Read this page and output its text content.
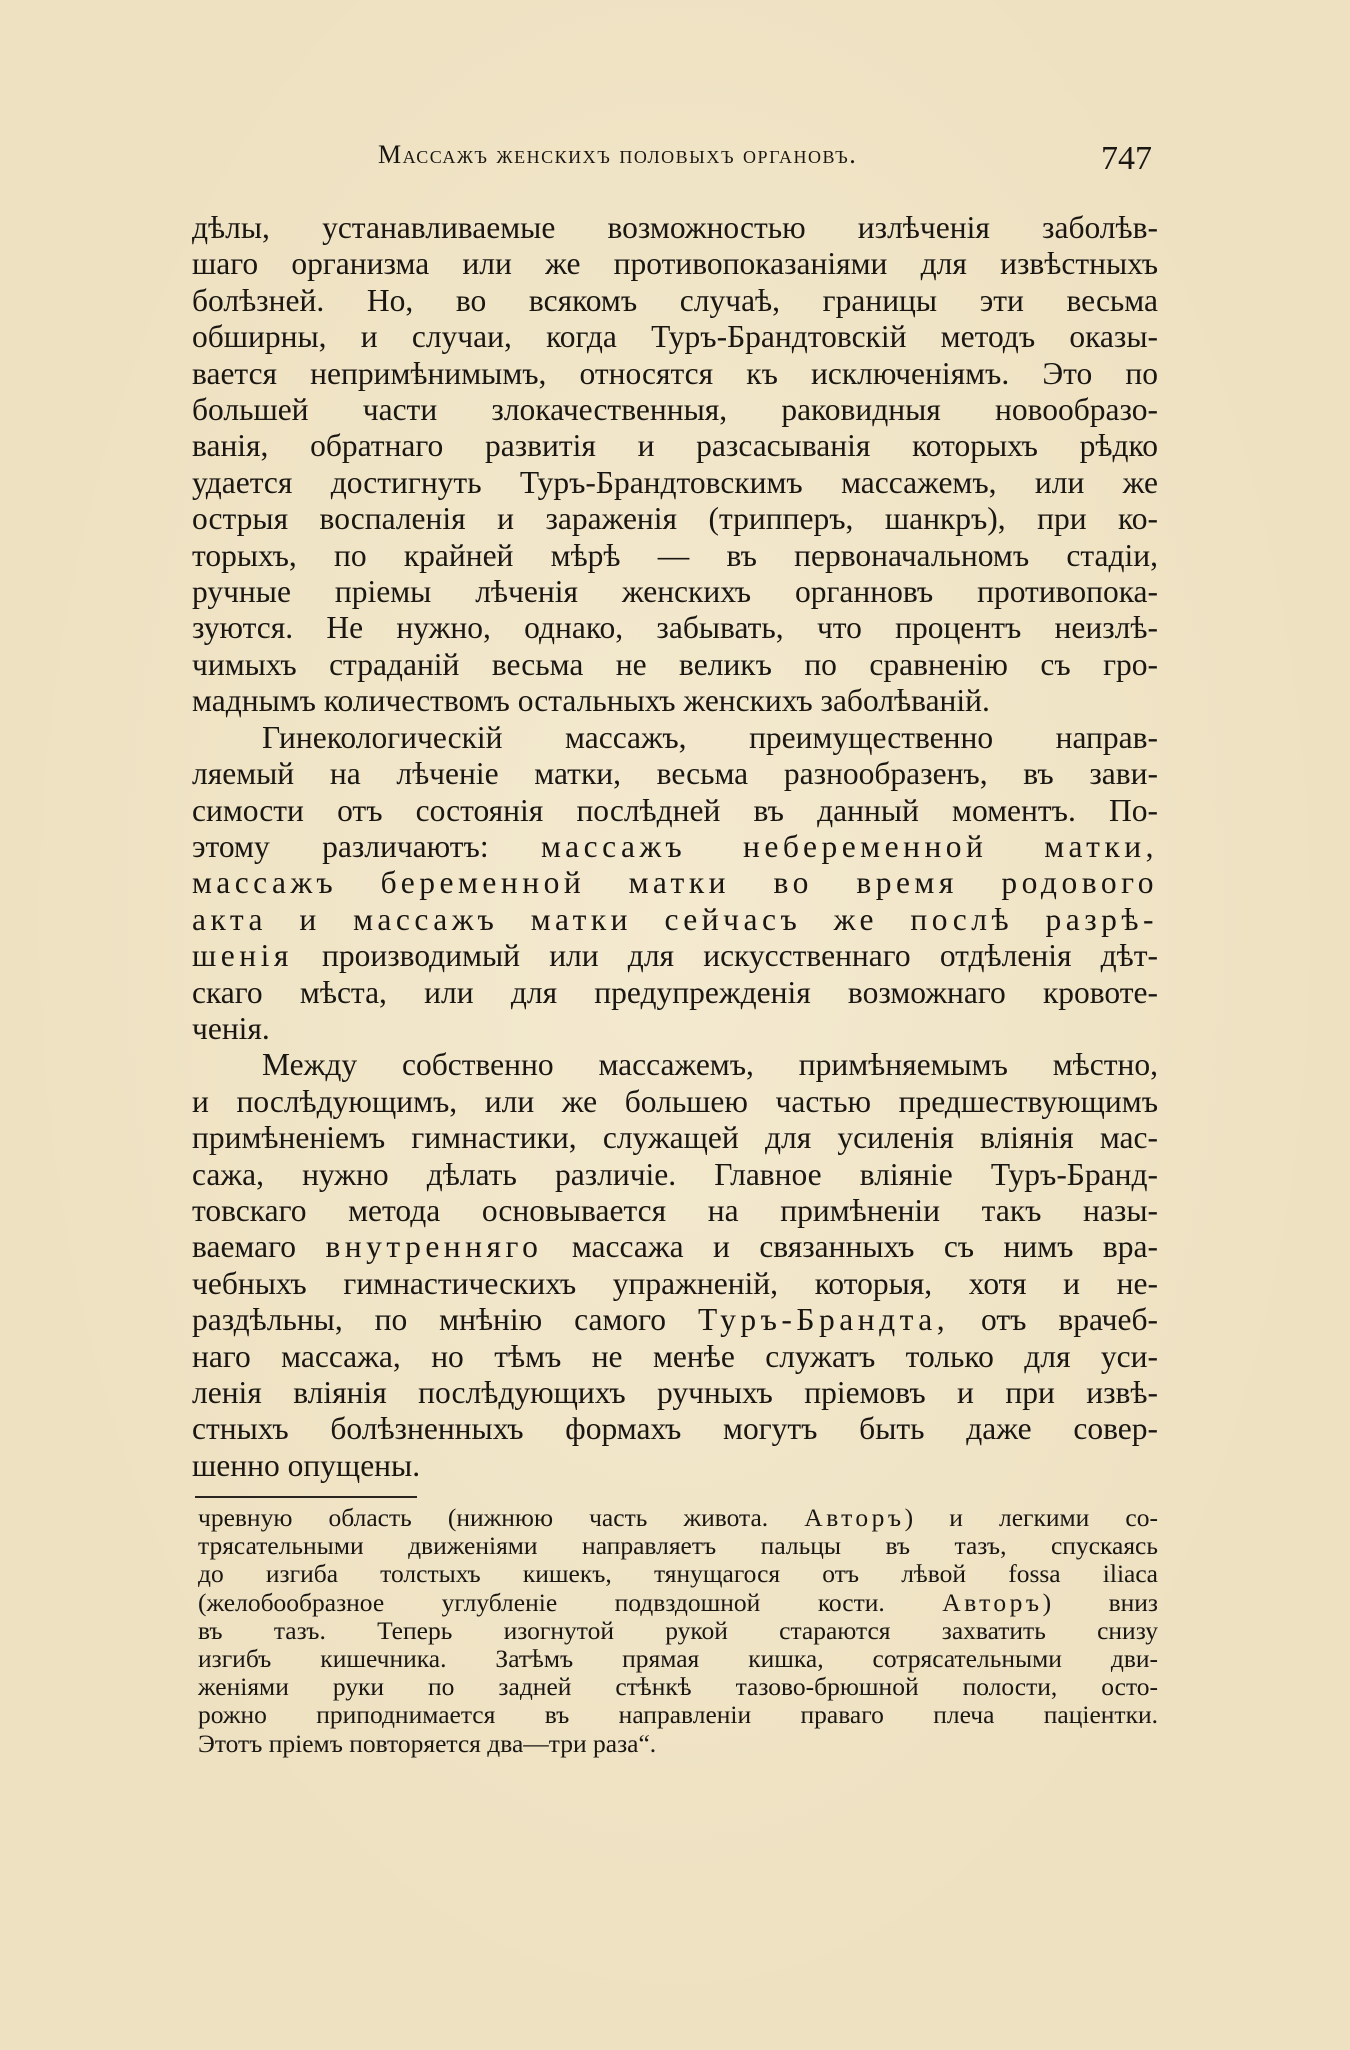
Массажъ женскихъ половыхъ органовъ.	747

дѣлы, устанавливаемые возможностью излѣченія заболѣв-
шаго организма или же противопоказаніями для извѣстныхъ
болѣзней. Но, во всякомъ случаѣ, границы эти весьма
обширны, и случаи, когда Туръ-Брандтовскій методъ оказы-
вается непримѣнимымъ, относятся къ исключеніямъ. Это по
большей части злокачественныя, раковидныя новообразо-
ванія, обратнаго развитія и разсасыванія которыхъ рѣдко
удается достигнуть Туръ-Брандтовскимъ массажемъ, или же
острыя воспаленія и зараженія (трипперъ, шанкръ), при ко-
торыхъ, по крайней мѣрѣ — въ первоначальномъ стадіи,
ручные пріемы лѣченія женскихъ органновъ противопока-
зуются. Не нужно, однако, забывать, что процентъ неизлѣ-
чимыхъ страданій весьма не великъ по сравненію съ гро-
маднымъ количествомъ остальныхъ женскихъ заболѣваній.

Гинекологическій массажъ, преимущественно направ-
ляемый на лѣченіе матки, весьма разнообразенъ, въ зави-
симости отъ состоянія послѣдней въ данный моментъ. По-
этому различаютъ: массажъ небеременной матки,
массажъ беременной матки во время родового
акта и массажъ матки сейчасъ же послѣ разрѣ-
шенія производимый или для искусственнаго отдѣленія дѣт-
скаго мѣста, или для предупрежденія возможнаго кровоте-
ченія.

Между собственно массажемъ, примѣняемымъ мѣстно,
и послѣдующимъ, или же большею частью предшествующимъ
примѣненіемъ гимнастики, служащей для усиленія вліянія мас-
сажа, нужно дѣлать различіе. Главное вліяніе Туръ-Бранд-
товскаго метода основывается на примѣненіи такъ назы-
ваемаго внутренняго массажа и связанныхъ съ нимъ вра-
чебныхъ гимнастическихъ упражненій, которыя, хотя и не-
раздѣльны, по мнѣнію самого Туръ-Брандта, отъ врачеб-
наго массажа, но тѣмъ не менѣе служатъ только для уси-
ленія вліянія послѣдующихъ ручныхъ пріемовъ и при извѣ-
стныхъ болѣзненныхъ формахъ могутъ быть даже совер-
шенно опущены.

чревную область (нижнюю часть живота. Авторъ) и легкими со-
трясательными движеніями направляетъ пальцы въ тазъ, спускаясь
до изгиба толстыхъ кишекъ, тянущагося отъ лѣвой fossa iliaca
(желобообразное углубленіе подвздошной кости. Авторъ) вниз
въ тазъ. Теперь изогнутой рукой стараются захватить снизу
изгибъ кишечника. Затѣмъ прямая кишка, сотрясательными дви-
женіями руки по задней стѣнкѣ тазово-брюшной полости, осто-
рожно приподнимается въ направленіи праваго плеча паціентки.
Этотъ пріемъ повторяется два—три раза“.
